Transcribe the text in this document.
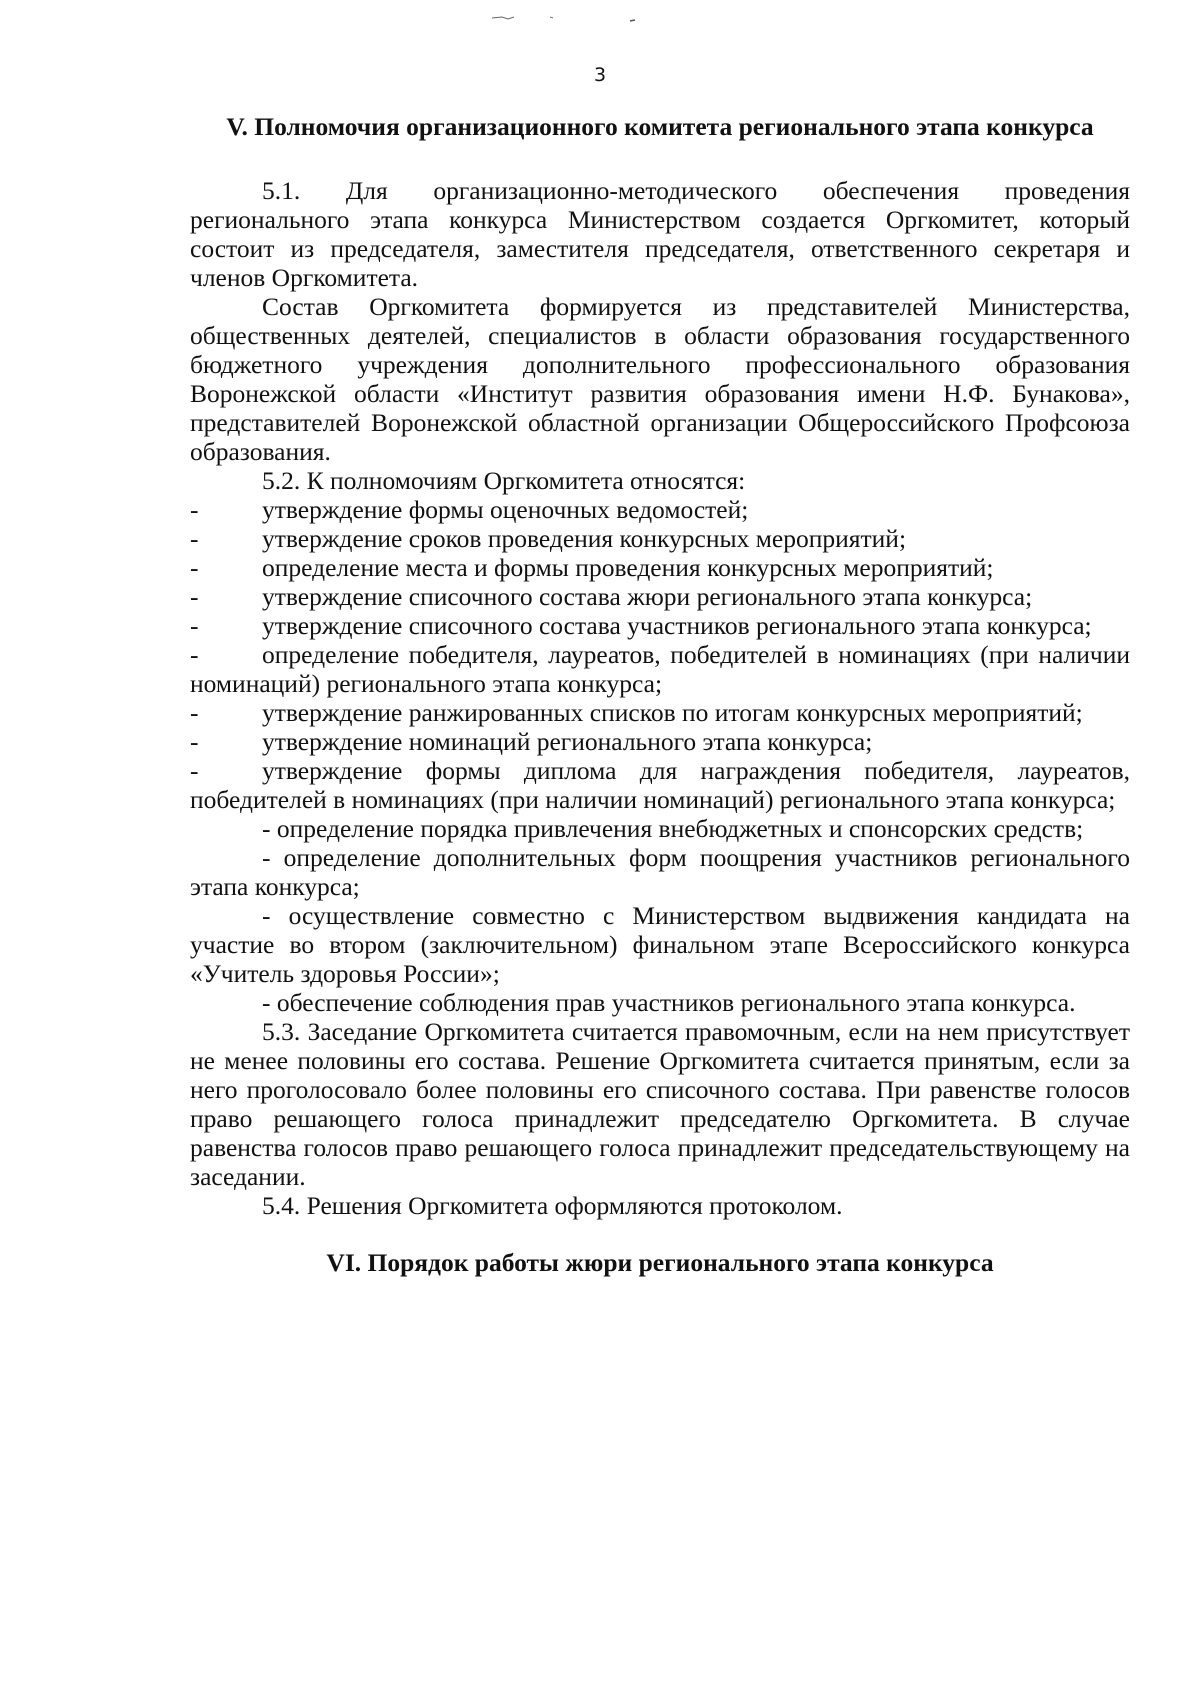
3
V. Полномочия организационного комитета регионального этапа конкурса

5.1. Для организационно-методического обеспечения проведения регионального этапа конкурса Министерством создается Оргкомитет, который состоит из председателя, заместителя председателя, ответственного секретаря и членов Оргкомитета.

Состав Оргкомитета формируется из представителей Министерства, общественных деятелей, специалистов в области образования государственного бюджетного учреждения дополнительного профессионального образования Воронежской области «Институт развития образования имени Н.Ф. Бунакова», представителей Воронежской областной организации Общероссийского Профсоюза образования.

5.2. К полномочиям Оргкомитета относятся:

- утверждение формы оценочных ведомостей;

- утверждение сроков проведения конкурсных мероприятий;

- определение места и формы проведения конкурсных мероприятий;

- утверждение списочного состава жюри регионального этапа конкурса;

- утверждение списочного состава участников регионального этапа конкурса;

- определение победителя, лауреатов, победителей в номинациях (при наличии номинаций) регионального этапа конкурса;

- утверждение ранжированных списков по итогам конкурсных мероприятий;

- утверждение номинаций регионального этапа конкурса;

- утверждение формы диплома для награждения победителя, лауреатов, победителей в номинациях (при наличии номинаций) регионального этапа конкурса;

- определение порядка привлечения внебюджетных и спонсорских средств;

- определение дополнительных форм поощрения участников регионального этапа конкурса;

- осуществление совместно с Министерством выдвижения кандидата на участие во втором (заключительном) финальном этапе Всероссийского конкурса «Учитель здоровья России»;

- обеспечение соблюдения прав участников регионального этапа конкурса.

5.3. Заседание Оргкомитета считается правомочным, если на нем присутствует не менее половины его состава. Решение Оргкомитета считается принятым, если за него проголосовало более половины его списочного состава. При равенстве голосов право решающего голоса принадлежит председателю Оргкомитета. В случае равенства голосов право решающего голоса принадлежит председательствующему на заседании.

5.4. Решения Оргкомитета оформляются протоколом.

VI. Порядок работы жюри регионального этапа конкурса
